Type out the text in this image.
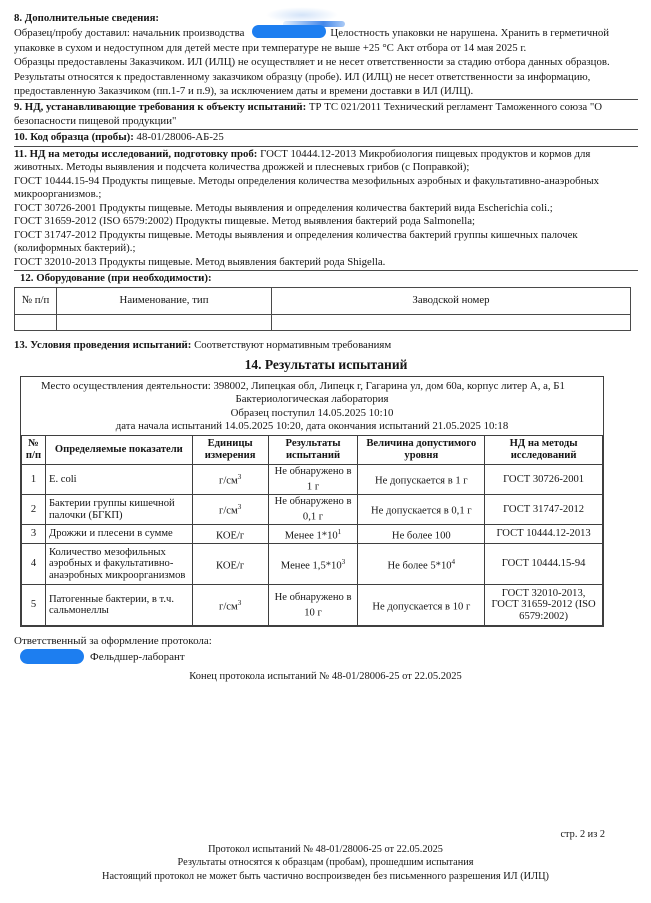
8. Дополнительные сведения:
Образец/пробу доставил: начальник производства	Целостность упаковки не нарушена. Хранить в герметичной упаковке в сухом и недоступном для детей месте при температуре не выше +25 °C Акт отбора от 14 мая 2025 г.
Образцы предоставлены Заказчиком. ИЛ (ИЛЦ) не осуществляет и не несет ответственности за стадию отбора данных образцов. Результаты относятся к предоставленному заказчиком образцу (пробе). ИЛ (ИЛЦ) не несет ответственности за информацию, предоставленную Заказчиком (пп.1-7 и п.9), за исключением даты и времени доставки в ИЛ (ИЛЦ).
9. НД, устанавливающие требования к объекту испытаний: ТР ТС 021/2011 Технический регламент Таможенного союза "О безопасности пищевой продукции"
10. Код образца (пробы): 48-01/28006-АБ-25
11. НД на методы исследований, подготовку проб: ГОСТ 10444.12-2013 Микробиология пищевых продуктов и кормов для животных. Методы выявления и подсчета количества дрожжей и плесневых грибов (с Поправкой);
ГОСТ 10444.15-94 Продукты пищевые. Методы определения количества мезофильных аэробных и факультативно-анаэробных микроорганизмов.;
ГОСТ 30726-2001 Продукты пищевые. Методы выявления и определения количества бактерий вида Escherichia coli.;
ГОСТ 31659-2012 (ISO 6579:2002) Продукты пищевые. Метод выявления бактерий рода Salmonella;
ГОСТ 31747-2012 Продукты пищевые. Методы выявления и определения количества бактерий группы кишечных палочек (колиформных бактерий).;
ГОСТ 32010-2013 Продукты пищевые. Метод выявления бактерий рода Shigella.
12. Оборудование (при необходимости):
№ п/п	Наименование, тип	Заводской номер

13. Условия проведения испытаний: Соответствуют нормативным требованиям
14. Результаты испытаний
Место осуществления деятельности: 398002, Липецкая обл, Липецк г, Гагарина ул, дом 60а, корпус литер А, а, Б1
Бактериологическая лаборатория
Образец поступил 14.05.2025 10:10
дата начала испытаний 14.05.2025 10:20, дата окончания испытаний 21.05.2025 10:18
№ п/п	Определяемые показатели	Единицы измерения	Результаты испытаний	Величина допустимого уровня	НД на методы исследований
1	E. coli	$г/см^3$	Не обнаружено в 1 г	Не допускается в 1 г	ГОСТ 30726-2001
2	Бактерии группы кишечной палочки (БГКП)	$г/см^3$	Не обнаружено в 0,1 г	Не допускается в 0,1 г	ГОСТ 31747-2012
3	Дрожжи и плесени в сумме	КОЕ/г	Менее $1*10^1$	Не более 100	ГОСТ 10444.12-2013
4	Количество мезофильных аэробных и факультативно-анаэробных микроорганизмов	КОЕ/г	Менее $1,5*10^3$	Не более $5*10^4$	ГОСТ 10444.15-94
5	Патогенные бактерии, в т.ч. сальмонеллы	$г/см^3$	Не обнаружено в 10 г	Не допускается в 10 г	ГОСТ 32010-2013, ГОСТ 31659-2012 (ISO 6579:2002)
Ответственный за оформление протокола:
Фельдшер-лаборант
Конец протокола испытаний № 48-01/28006-25 от 22.05.2025
стр. 2 из 2
Протокол испытаний № 48-01/28006-25 от 22.05.2025
Результаты относятся к образцам (пробам), прошедшим испытания
Настоящий протокол не может быть частично воспроизведен без письменного разрешения ИЛ (ИЛЦ)
